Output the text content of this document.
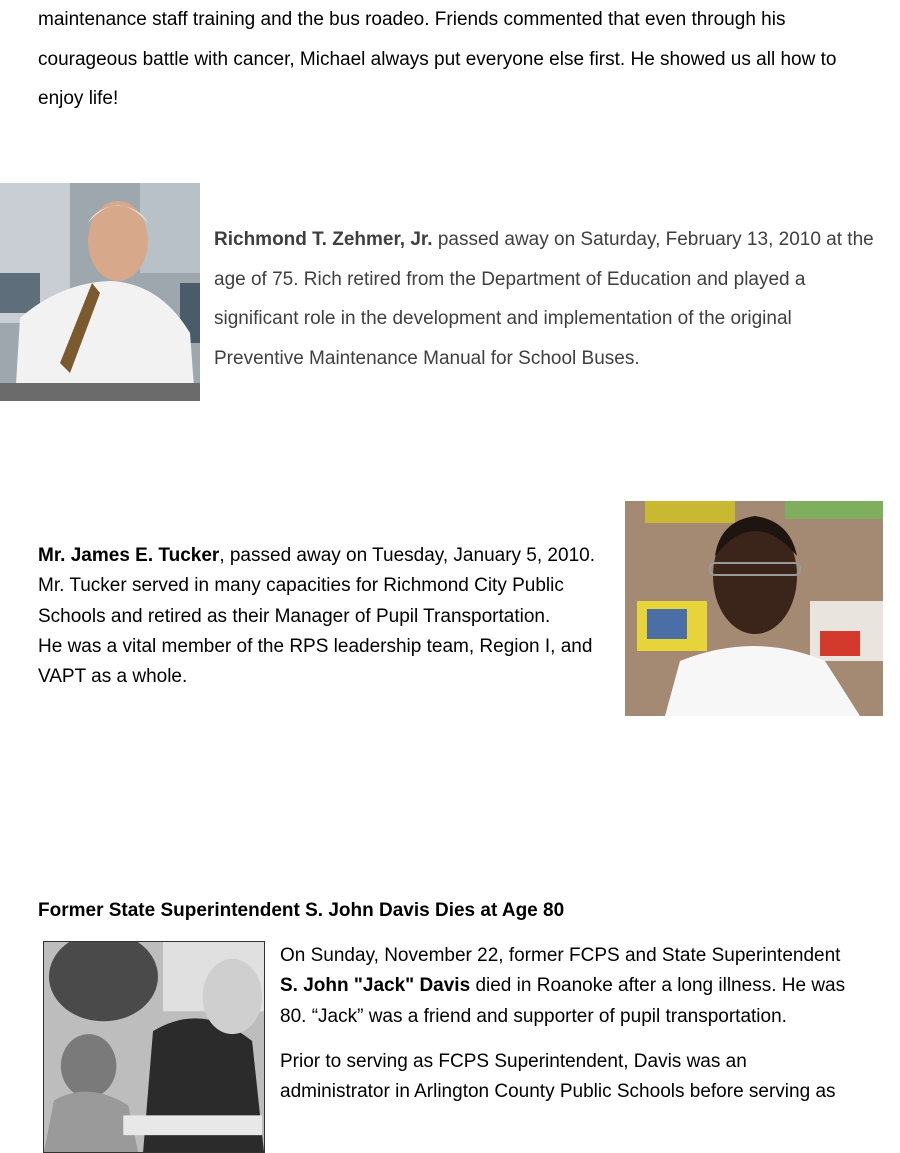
maintenance staff training and the bus roadeo. Friends commented that even through his courageous battle with cancer, Michael always put everyone else first. He showed us all how to enjoy life!

Richmond T. Zehmer, Jr. passed away on Saturday, February 13, 2010 at the age of 75. Rich retired from the Department of Education and played a significant role in the development and implementation of the original Preventive Maintenance Manual for School Buses.

Mr. James E. Tucker, passed away on Tuesday, January 5, 2010.

Mr. Tucker served in many capacities for Richmond City Public

Schools and retired as their Manager of Pupil Transportation.

He was a vital member of the RPS leadership team, Region I, and

VAPT as a whole.

Former State Superintendent S. John Davis Dies at Age 80

On Sunday, November 22, former FCPS and State Superintendent

S. John "Jack" Davis died in Roanoke after a long illness. He was

80. “Jack” was a friend and supporter of pupil transportation.

Prior to serving as FCPS Superintendent, Davis was an

administrator in Arlington County Public Schools before serving as
